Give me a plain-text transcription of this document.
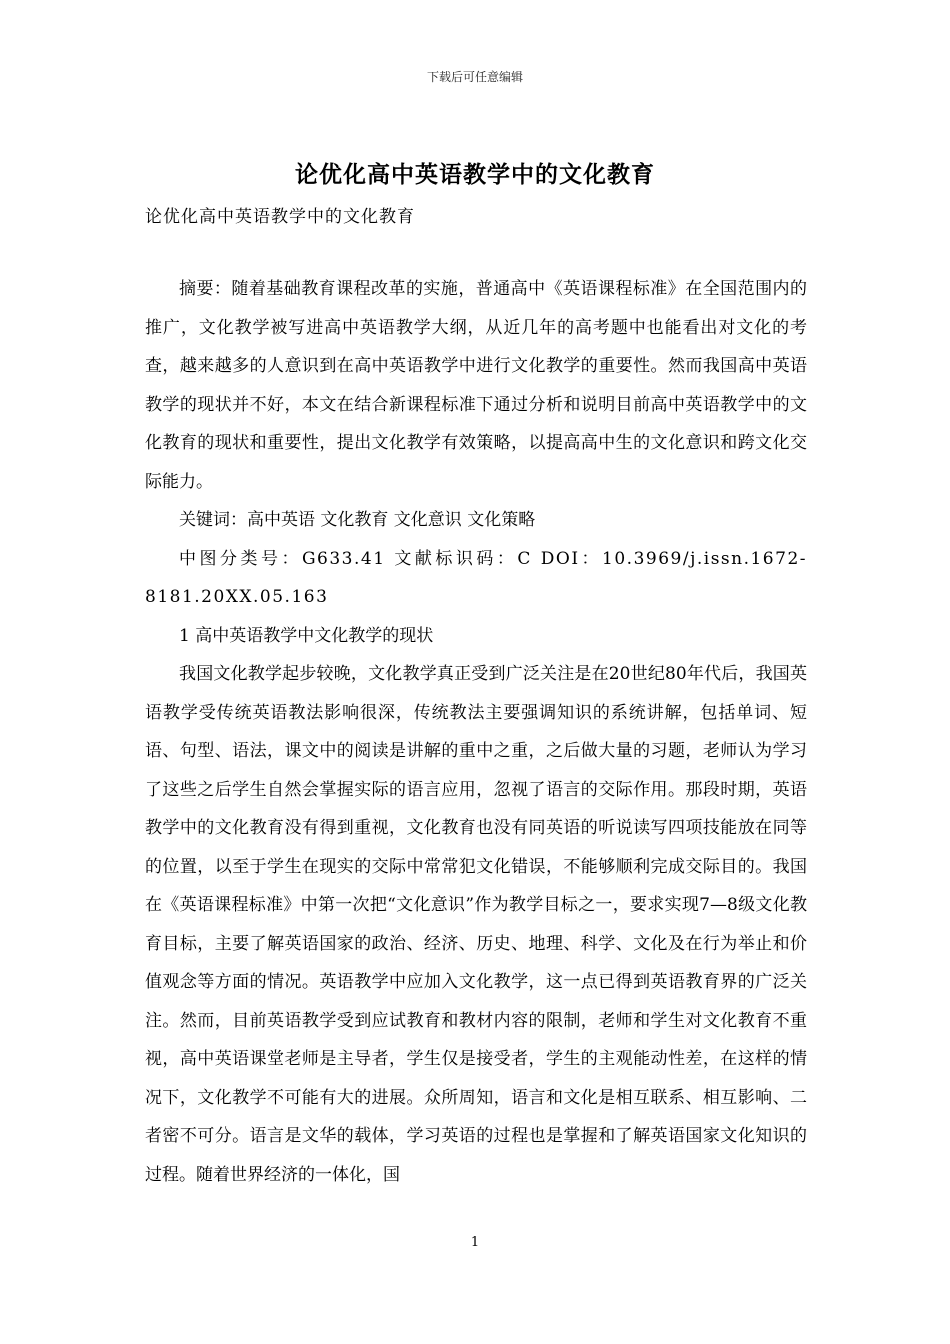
下载后可任意编辑
论优化高中英语教学中的文化教育
论优化高中英语教学中的文化教育

摘要：随着基础教育课程改革的实施，普通高中《英语课程标准》在全国范围内的推广，文化教学被写进高中英语教学大纲，从近几年的高考题中也能看出对文化的考查，越来越多的人意识到在高中英语教学中进行文化教学的重要性。然而我国高中英语教学的现状并不好，本文在结合新课程标准下通过分析和说明目前高中英语教学中的文化教育的现状和重要性，提出文化教学有效策略，以提高高中生的文化意识和跨文化交际能力。

关键词：高中英语 文化教育 文化意识 文化策略

中图分类号：G633.41 文献标识码：C DOI：10.3969/j.issn.1672-8181.20XX.05.163

1 高中英语教学中文化教学的现状

我国文化教学起步较晚，文化教学真正受到广泛关注是在20世纪80年代后，我国英语教学受传统英语教法影响很深，传统教法主要强调知识的系统讲解，包括单词、短语、句型、语法，课文中的阅读是讲解的重中之重，之后做大量的习题，老师认为学习了这些之后学生自然会掌握实际的语言应用，忽视了语言的交际作用。那段时期，英语教学中的文化教育没有得到重视，文化教育也没有同英语的听说读写四项技能放在同等的位置，以至于学生在现实的交际中常常犯文化错误，不能够顺利完成交际目的。我国在《英语课程标准》中第一次把“文化意识”作为教学目标之一，要求实现7—8级文化教育目标，主要了解英语国家的政治、经济、历史、地理、科学、文化及在行为举止和价值观念等方面的情况。英语教学中应加入文化教学，这一点已得到英语教育界的广泛关注。然而，目前英语教学受到应试教育和教材内容的限制，老师和学生对文化教育不重视，高中英语课堂老师是主导者，学生仅是接受者，学生的主观能动性差，在这样的情况下，文化教学不可能有大的进展。众所周知，语言和文化是相互联系、相互影响、二者密不可分。语言是文华的载体，学习英语的过程也是掌握和了解英语国家文化知识的过程。随着世界经济的一体化，国

1
